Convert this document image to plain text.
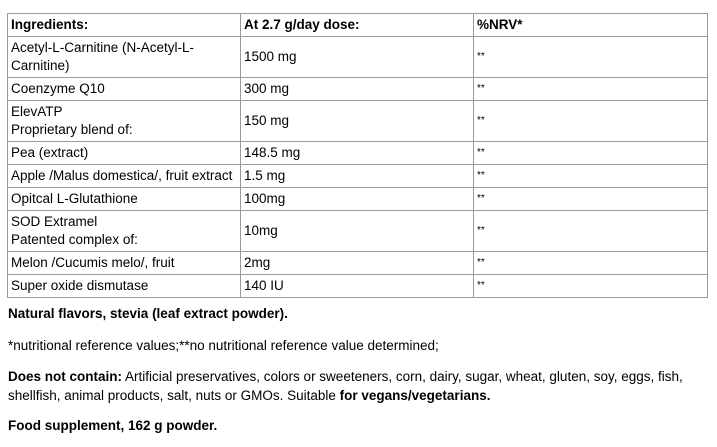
Ingredients:	At 2.7 g/day dose:	%NRV*

Acetyl-L-Carnitine (N-Acetyl-L-
Carnitine)	1500 mg	**

Coenzyme Q10	300 mg	**

ElevATP
Proprietary blend of:	150 mg	**

Pea (extract)	148.5 mg	**

Apple /Malus domestica/, fruit extract	1.5 mg	**

Opitcal L-Glutathione	100mg	**

SOD Extramel
Patented complex of:	10mg	**

Melon /Cucumis melo/, fruit	2mg	**

Super oxide dismutase	140 IU	**
Natural flavors, stevia (leaf extract powder).
*nutritional reference values;**no nutritional reference value determined;
Does not contain: Artificial preservatives, colors or sweeteners, corn, dairy, sugar, wheat, gluten, soy, eggs, fish, shellfish, animal products, salt, nuts or GMOs. Suitable for vegans/vegetarians.
Food supplement, 162 g powder.
